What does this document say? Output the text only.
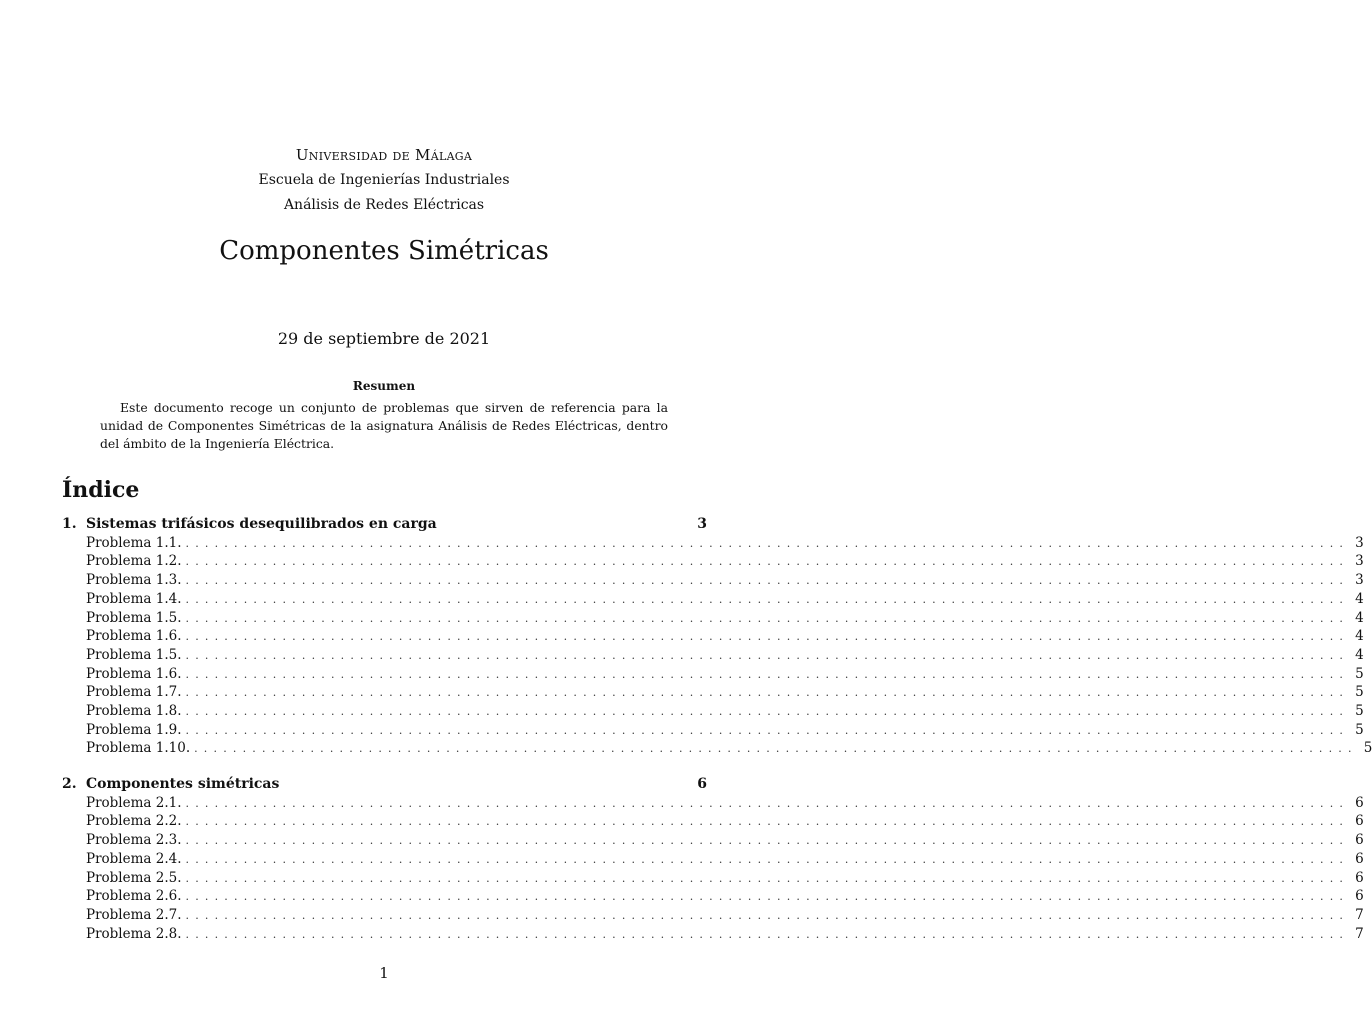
Universidad de Málaga
Escuela de Ingenierías Industriales
Análisis de Redes Eléctricas
Componentes Simétricas
29 de septiembre de 2021
Resumen
Este documento recoge un conjunto de problemas que sirven de referencia para la unidad de Componentes Simétricas de la asignatura Análisis de Redes Eléctricas, dentro del ámbito de la Ingeniería Eléctrica.
Índice
1. Sistemas trifásicos desequilibrados en carga	3
Problema 1.1. ........................................................................................................................ 3
Problema 1.2. ........................................................................................................................ 3
Problema 1.3. ........................................................................................................................ 3
Problema 1.4. ........................................................................................................................ 4
Problema 1.5. ........................................................................................................................ 4
Problema 1.6. ........................................................................................................................ 4
Problema 1.5. ........................................................................................................................ 4
Problema 1.6. ........................................................................................................................ 5
Problema 1.7. ........................................................................................................................ 5
Problema 1.8. ........................................................................................................................ 5
Problema 1.9. ........................................................................................................................ 5
Problema 1.10. ........................................................................................................................ 5
2. Componentes simétricas	6
Problema 2.1. ........................................................................................................................ 6
Problema 2.2. ........................................................................................................................ 6
Problema 2.3. ........................................................................................................................ 6
Problema 2.4. ........................................................................................................................ 6
Problema 2.5. ........................................................................................................................ 6
Problema 2.6. ........................................................................................................................ 6
Problema 2.7. ........................................................................................................................ 7
Problema 2.8. ........................................................................................................................ 7
1
